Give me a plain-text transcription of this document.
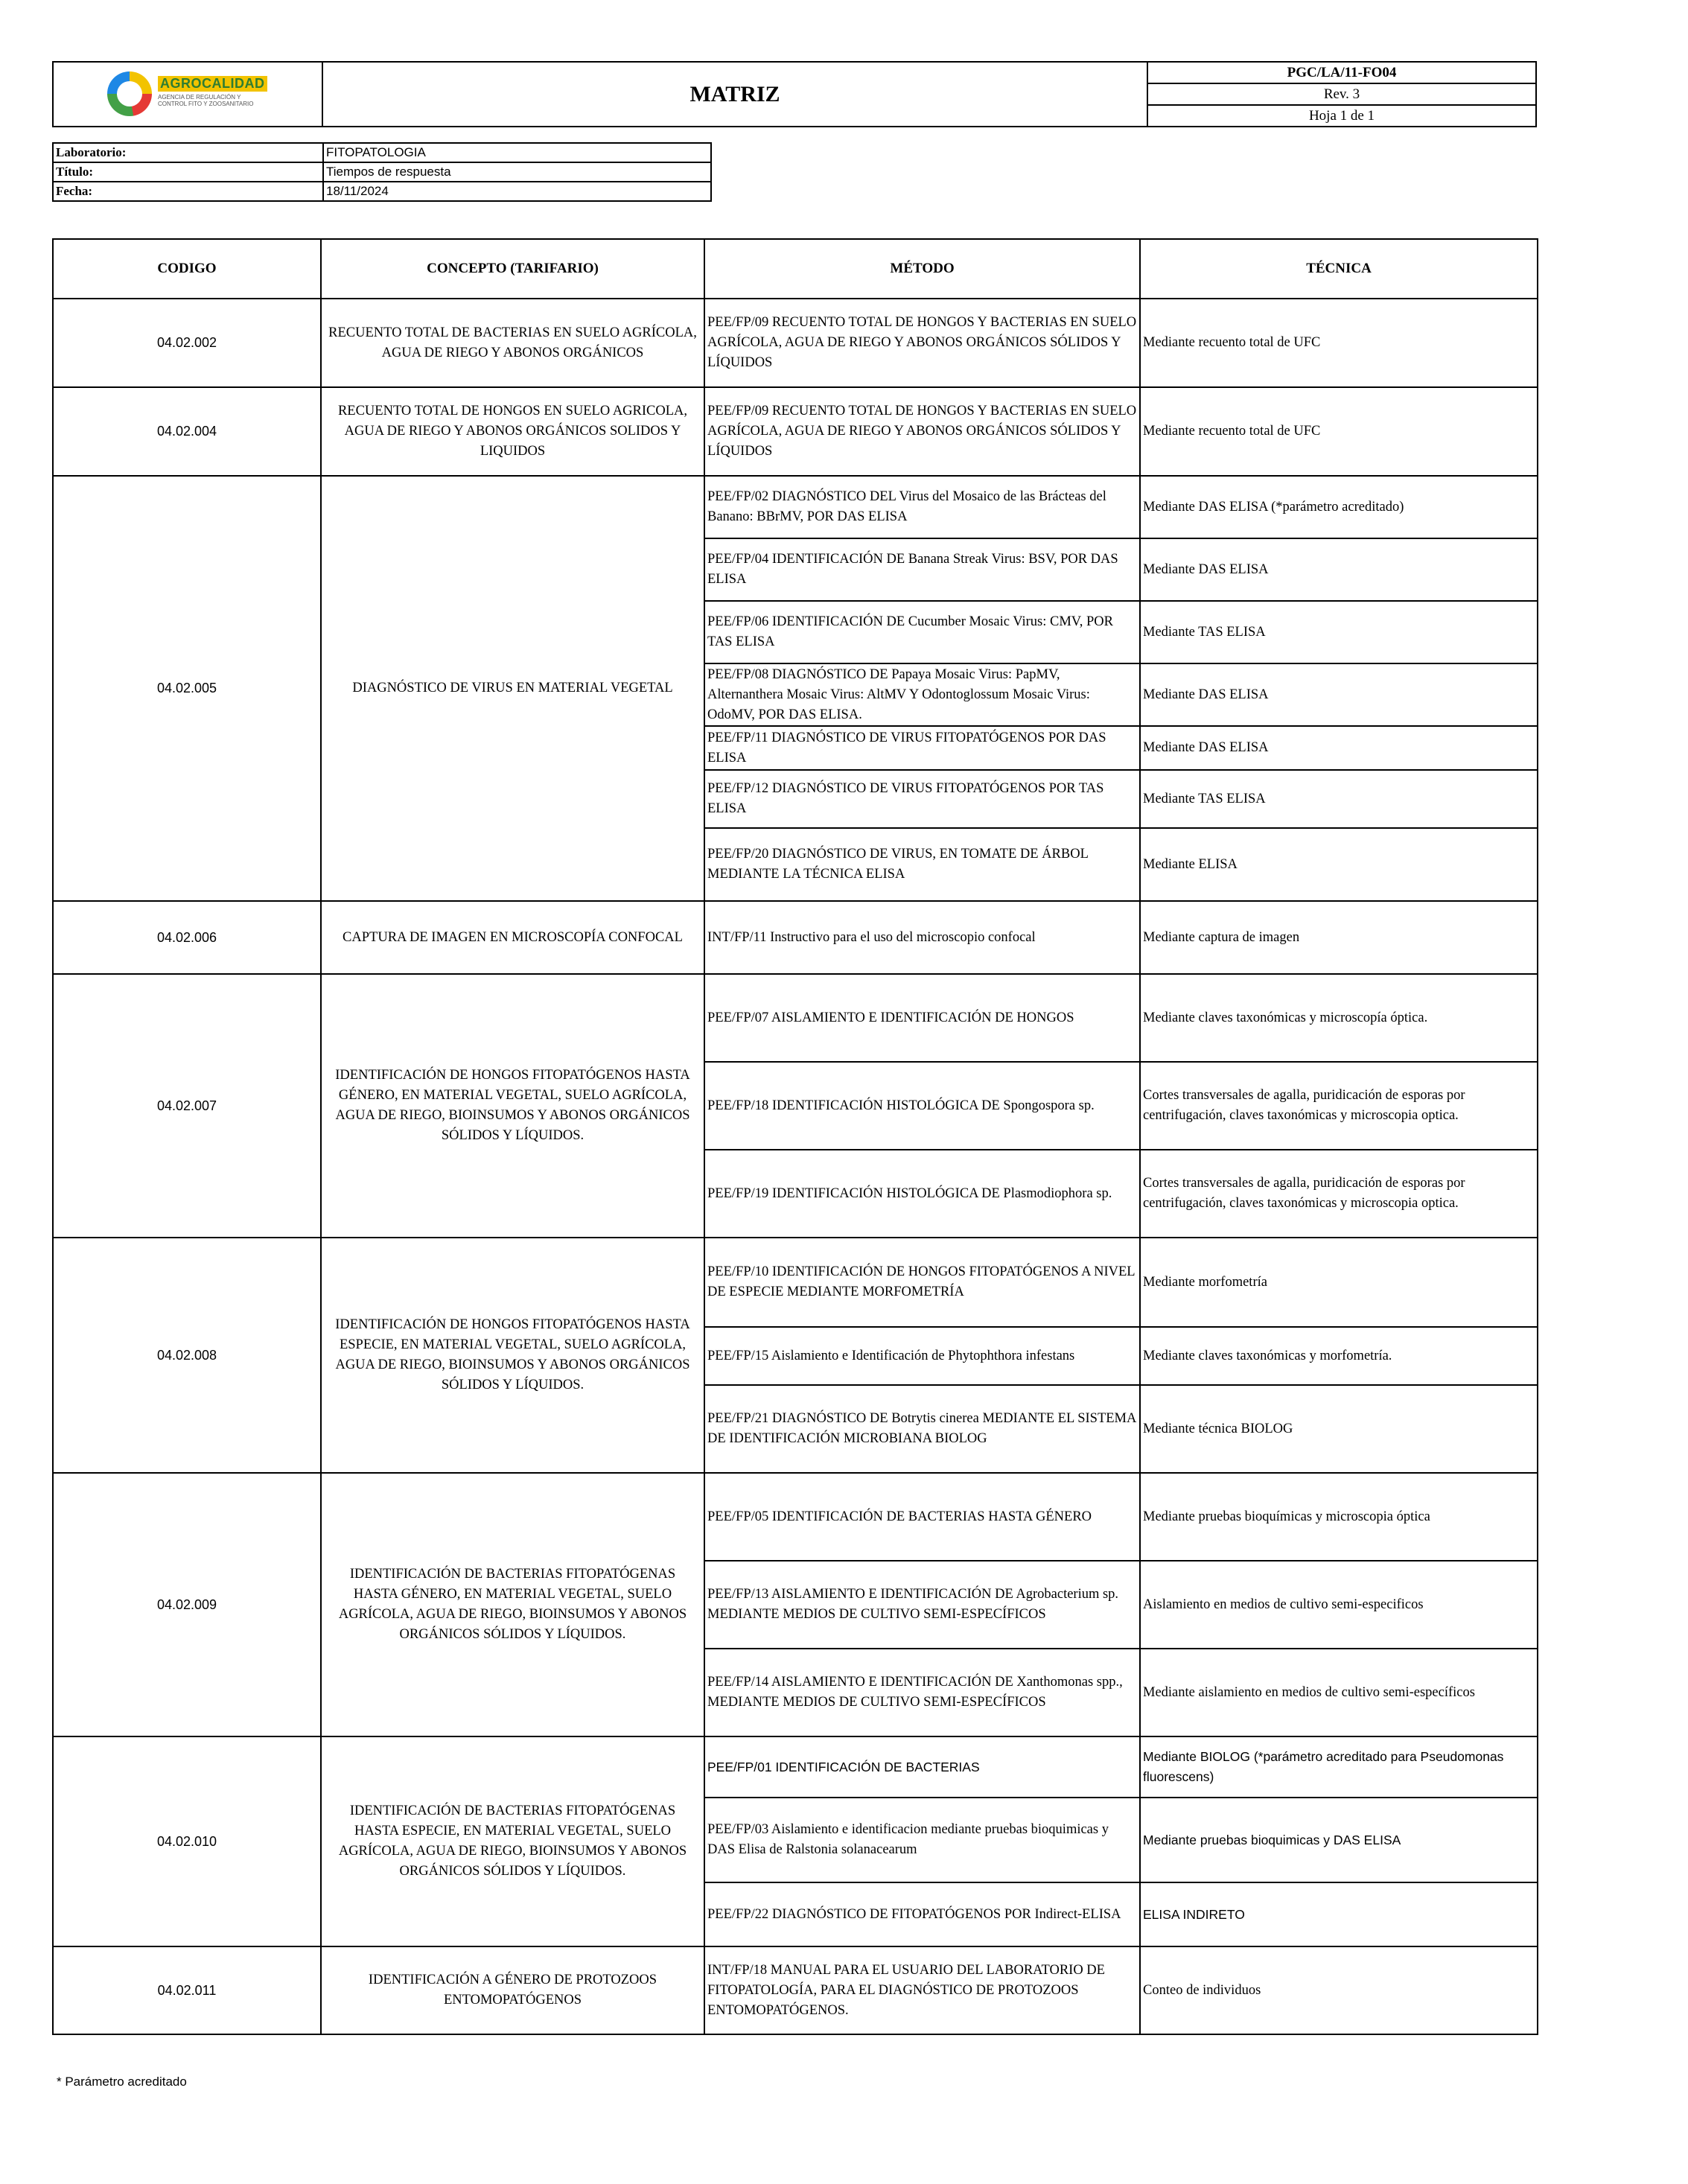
AGROCALIDAD
AGENCIA DE REGULACIÓN Y CONTROL FITO Y ZOOSANITARIO	MATRIZ	PGC/LA/11-FO04
Rev. 3
Hoja 1 de 1
Laboratorio:	FITOPATOLOGIA
Título:	Tiempos de respuesta
Fecha:	18/11/2024
CODIGO	CONCEPTO (TARIFARIO)	MÉTODO	TÉCNICA
04.02.002	RECUENTO TOTAL DE BACTERIAS EN SUELO AGRÍCOLA, AGUA DE RIEGO Y ABONOS ORGÁNICOS	PEE/FP/09 RECUENTO TOTAL DE HONGOS Y BACTERIAS EN SUELO AGRÍCOLA, AGUA DE RIEGO Y ABONOS ORGÁNICOS SÓLIDOS Y LÍQUIDOS	Mediante recuento total de UFC
04.02.004	RECUENTO TOTAL DE HONGOS EN SUELO AGRICOLA, AGUA DE RIEGO Y ABONOS ORGÁNICOS SOLIDOS Y LIQUIDOS	PEE/FP/09 RECUENTO TOTAL DE HONGOS Y BACTERIAS EN SUELO AGRÍCOLA, AGUA DE RIEGO Y ABONOS ORGÁNICOS SÓLIDOS Y LÍQUIDOS	Mediante recuento total de UFC
04.02.005	DIAGNÓSTICO DE VIRUS EN MATERIAL VEGETAL	PEE/FP/02 DIAGNÓSTICO DEL Virus del Mosaico de las Brácteas del Banano: BBrMV, POR DAS ELISA	Mediante DAS ELISA (*parámetro acreditado)
		PEE/FP/04 IDENTIFICACIÓN DE Banana Streak Virus: BSV, POR DAS ELISA	Mediante DAS ELISA
		PEE/FP/06 IDENTIFICACIÓN DE Cucumber Mosaic Virus: CMV, POR TAS ELISA	Mediante TAS ELISA
		PEE/FP/08 DIAGNÓSTICO DE Papaya Mosaic Virus: PapMV, Alternanthera Mosaic Virus: AltMV Y Odontoglossum Mosaic Virus: OdoMV, POR DAS ELISA.	Mediante DAS ELISA
		PEE/FP/11 DIAGNÓSTICO DE VIRUS FITOPATÓGENOS POR DAS ELISA	Mediante DAS ELISA
		PEE/FP/12 DIAGNÓSTICO DE VIRUS FITOPATÓGENOS POR TAS ELISA	Mediante TAS ELISA
		PEE/FP/20 DIAGNÓSTICO DE VIRUS, EN TOMATE DE ÁRBOL MEDIANTE LA TÉCNICA ELISA	Mediante ELISA
04.02.006	CAPTURA DE IMAGEN EN MICROSCOPÍA CONFOCAL	INT/FP/11 Instructivo para el uso del microscopio confocal	Mediante captura de imagen
04.02.007	IDENTIFICACIÓN DE HONGOS FITOPATÓGENOS HASTA GÉNERO, EN MATERIAL VEGETAL, SUELO AGRÍCOLA, AGUA DE RIEGO, BIOINSUMOS Y ABONOS ORGÁNICOS SÓLIDOS Y LÍQUIDOS.	PEE/FP/07 AISLAMIENTO E IDENTIFICACIÓN DE HONGOS	Mediante claves taxonómicas y microscopía óptica.
		PEE/FP/18 IDENTIFICACIÓN HISTOLÓGICA DE Spongospora sp.	Cortes transversales de agalla, puridicación de esporas por centrifugación, claves taxonómicas y microscopia optica.
		PEE/FP/19 IDENTIFICACIÓN HISTOLÓGICA DE Plasmodiophora sp.	Cortes transversales de agalla, puridicación de esporas por centrifugación, claves taxonómicas y microscopia optica.
04.02.008	IDENTIFICACIÓN DE HONGOS FITOPATÓGENOS HASTA ESPECIE, EN MATERIAL VEGETAL, SUELO AGRÍCOLA, AGUA DE RIEGO, BIOINSUMOS Y ABONOS ORGÁNICOS SÓLIDOS Y LÍQUIDOS.	PEE/FP/10 IDENTIFICACIÓN DE HONGOS FITOPATÓGENOS A NIVEL DE ESPECIE MEDIANTE MORFOMETRÍA	Mediante morfometría
		PEE/FP/15 Aislamiento e Identificación de Phytophthora infestans	Mediante claves taxonómicas y morfometría.
		PEE/FP/21 DIAGNÓSTICO DE Botrytis cinerea MEDIANTE EL SISTEMA DE IDENTIFICACIÓN MICROBIANA BIOLOG	Mediante técnica BIOLOG
04.02.009	IDENTIFICACIÓN DE BACTERIAS FITOPATÓGENAS HASTA GÉNERO, EN MATERIAL VEGETAL, SUELO AGRÍCOLA, AGUA DE RIEGO, BIOINSUMOS Y ABONOS ORGÁNICOS SÓLIDOS Y LÍQUIDOS.	PEE/FP/05 IDENTIFICACIÓN DE BACTERIAS HASTA GÉNERO	Mediante pruebas bioquímicas y microscopia óptica
		PEE/FP/13 AISLAMIENTO E IDENTIFICACIÓN DE Agrobacterium sp. MEDIANTE MEDIOS DE CULTIVO SEMI-ESPECÍFICOS	Aislamiento en medios de cultivo semi-especificos
		PEE/FP/14 AISLAMIENTO E IDENTIFICACIÓN DE Xanthomonas spp., MEDIANTE MEDIOS DE CULTIVO SEMI-ESPECÍFICOS	Mediante aislamiento en medios de cultivo semi-específicos
04.02.010	IDENTIFICACIÓN DE BACTERIAS FITOPATÓGENAS HASTA ESPECIE, EN MATERIAL VEGETAL, SUELO AGRÍCOLA, AGUA DE RIEGO, BIOINSUMOS Y ABONOS ORGÁNICOS SÓLIDOS Y LÍQUIDOS.	PEE/FP/01 IDENTIFICACIÓN DE BACTERIAS	Mediante BIOLOG (*parámetro acreditado para Pseudomonas fluorescens)
		PEE/FP/03 Aislamiento e identificacion mediante pruebas bioquimicas y DAS Elisa de Ralstonia solanacearum	Mediante pruebas bioquimicas y DAS ELISA
		PEE/FP/22 DIAGNÓSTICO DE FITOPATÓGENOS POR Indirect-ELISA	ELISA INDIRETO
04.02.011	IDENTIFICACIÓN A GÉNERO DE PROTOZOOS ENTOMOPATÓGENOS	INT/FP/18 MANUAL PARA EL USUARIO DEL LABORATORIO DE FITOPATOLOGÍA, PARA EL DIAGNÓSTICO DE PROTOZOOS ENTOMOPATÓGENOS.	Conteo de individuos
* Parámetro acreditado
